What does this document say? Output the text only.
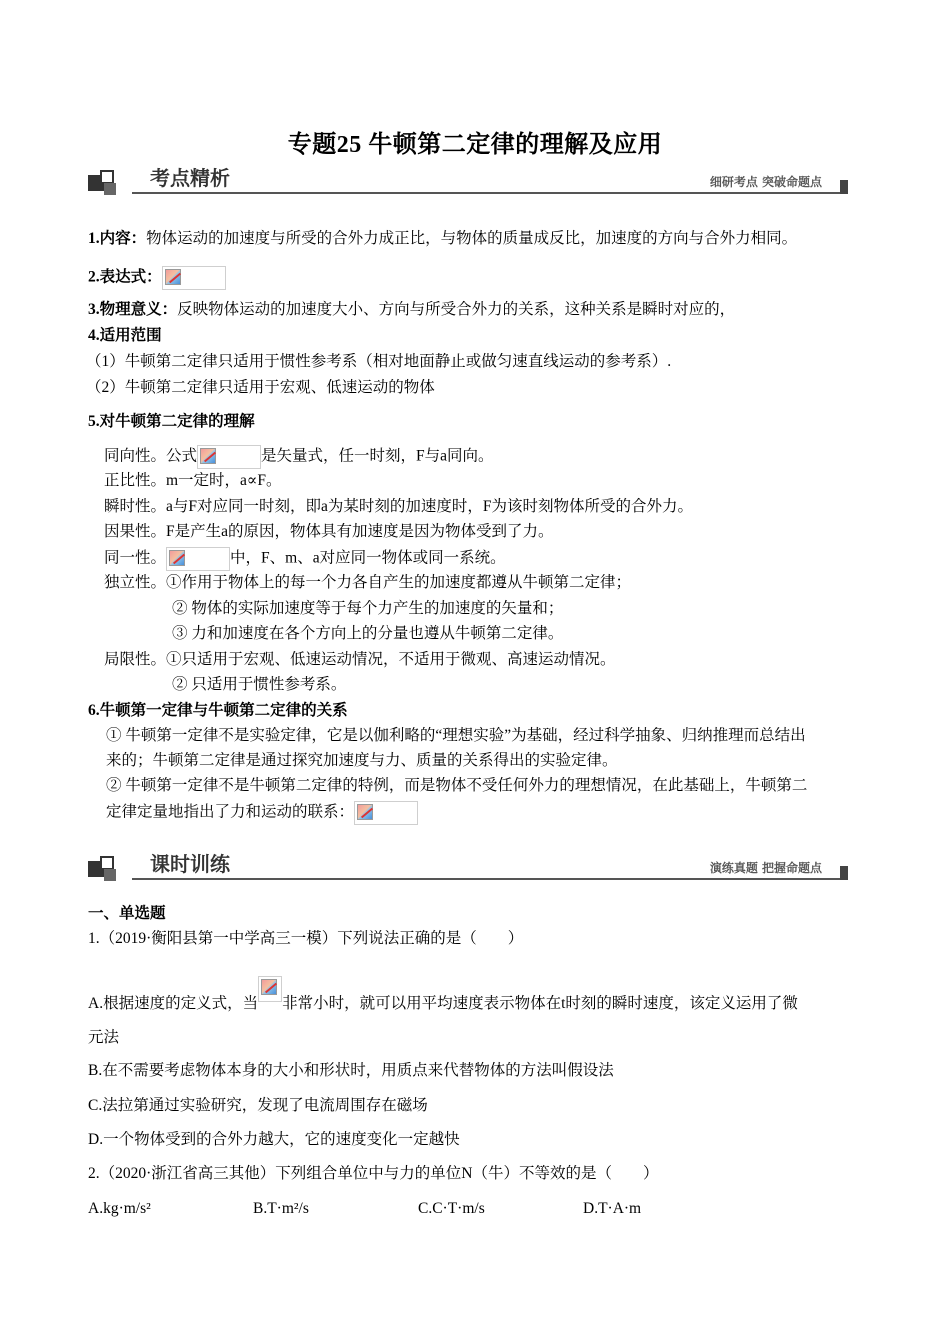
专题25 牛顿第二定律的理解及应用
考点精析	细研考点 突破命题点
1.内容：物体运动的加速度与所受的合外力成正比，与物体的质量成反比，加速度的方向与合外力相同。
2.表达式：
3.物理意义：反映物体运动的加速度大小、方向与所受合外力的关系，这种关系是瞬时对应的，
4.适用范围
（1）牛顿第二定律只适用于惯性参考系（相对地面静止或做匀速直线运动的参考系）.
（2）牛顿第二定律只适用于宏观、低速运动的物体
5.对牛顿第二定律的理解
同向性。公式	是矢量式，任一时刻，F与a同向。
正比性。m一定时，a∝F。
瞬时性。a与F对应同一时刻，即a为某时刻的加速度时，F为该时刻物体所受的合外力。
因果性。F是产生a的原因，物体具有加速度是因为物体受到了力。
同一性。	中，F、m、a对应同一物体或同一系统。
独立性。①作用于物体上的每一个力各自产生的加速度都遵从牛顿第二定律；
② 物体的实际加速度等于每个力产生的加速度的矢量和；
③ 力和加速度在各个方向上的分量也遵从牛顿第二定律。
局限性。①只适用于宏观、低速运动情况，不适用于微观、高速运动情况。
② 只适用于惯性参考系。
6.牛顿第一定律与牛顿第二定律的关系
① 牛顿第一定律不是实验定律，它是以伽利略的“理想实验”为基础，经过科学抽象、归纳推理而总结出
来的；牛顿第二定律是通过探究加速度与力、质量的关系得出的实验定律。
② 牛顿第一定律不是牛顿第二定律的特例，而是物体不受任何外力的理想情况，在此基础上，牛顿第二
定律定量地指出了力和运动的联系：
课时训练	演练真题 把握命题点
一、单选题
1.（2019·衡阳县第一中学高三一模）下列说法正确的是（　　）
A.根据速度的定义式，当 非常小时，就可以用平均速度表示物体在t时刻的瞬时速度，该定义运用了微
元法
B.在不需要考虑物体本身的大小和形状时，用质点来代替物体的方法叫假设法
C.法拉第通过实验研究，发现了电流周围存在磁场
D.一个物体受到的合外力越大，它的速度变化一定越快
2.（2020·浙江省高三其他）下列组合单位中与力的单位N（牛）不等效的是（　　）
A.kg·m/s²	B.T·m²/s	C.C·T·m/s	D.T·A·m
